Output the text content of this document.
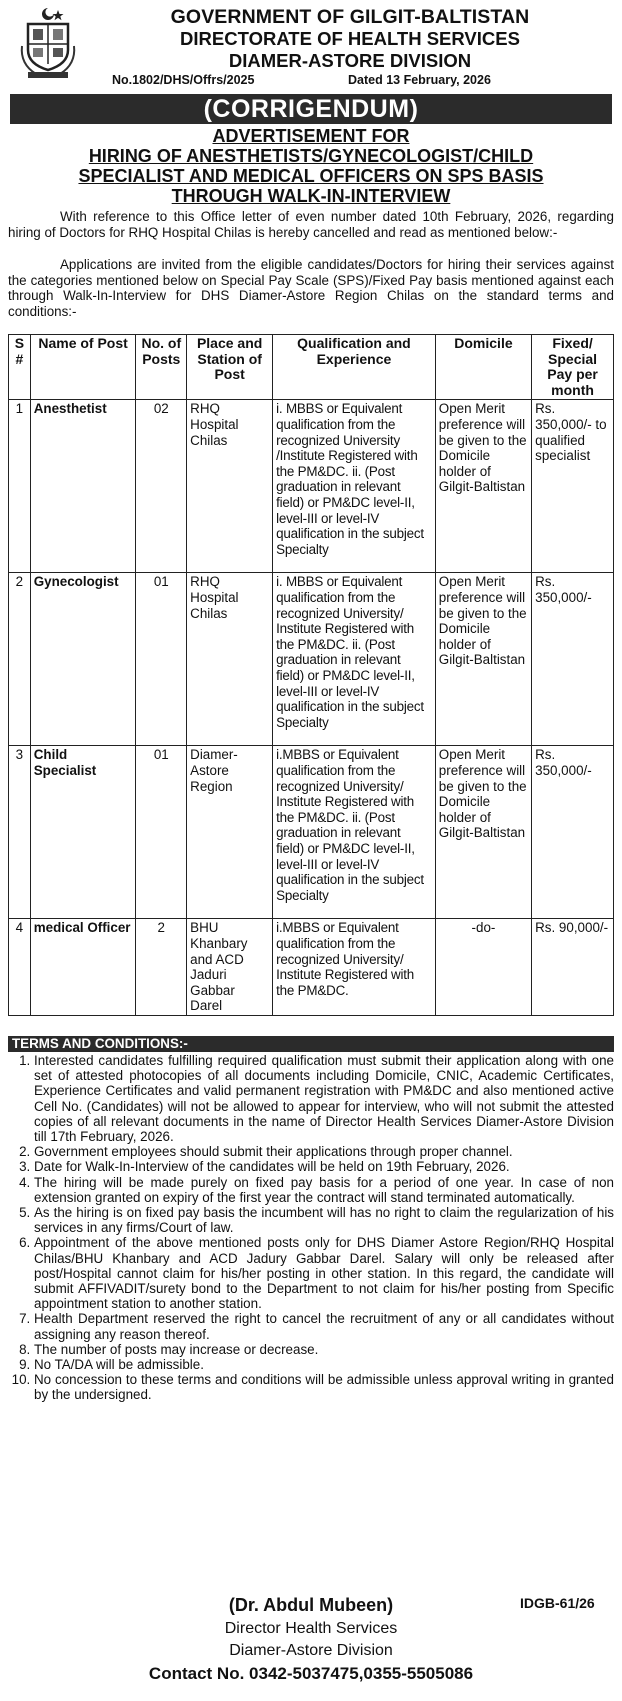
GOVERNMENT OF GILGIT-BALTISTAN
DIRECTORATE OF HEALTH SERVICES
DIAMER-ASTORE DIVISION
No.1802/DHS/Offrs/2025	Dated 13 February, 2026
(CORRIGENDUM)
ADVERTISEMENT FOR
HIRING OF ANESTHETISTS/GYNECOLOGIST/CHILD
SPECIALIST AND MEDICAL OFFICERS ON SPS BASIS
THROUGH WALK-IN-INTERVIEW
With reference to this Office letter of even number dated 10th February, 2026, regarding hiring of Doctors for RHQ Hospital Chilas is hereby cancelled and read as mentioned below:-
Applications are invited from the eligible candidates/Doctors for hiring their services against the categories mentioned below on Special Pay Scale (SPS)/Fixed Pay basis mentioned against each through Walk-In-Interview for DHS Diamer-Astore Region Chilas on the standard terms and conditions:-
S #	Name of Post	No. of Posts	Place and Station of Post	Qualification and Experience	Domicile	Fixed/ Special Pay per month
1	Anesthetist	02	RHQ Hospital Chilas	i. MBBS or Equivalent qualification from the recognized University /Institute Registered with the PM&DC. ii. (Post graduation in relevant field) or PM&DC level-II, level-III or level-IV qualification in the subject Specialty	Open Merit preference will be given to the Domicile holder of Gilgit-Baltistan	Rs. 350,000/- to qualified specialist
2	Gynecologist	01	RHQ Hospital Chilas	i. MBBS or Equivalent qualification from the recognized University/ Institute Registered with the PM&DC. ii. (Post graduation in relevant field) or PM&DC level-II, level-III or level-IV qualification in the subject Specialty	Open Merit preference will be given to the Domicile holder of Gilgit-Baltistan	Rs. 350,000/-
3	Child Specialist	01	Diamer-Astore Region	i.MBBS or Equivalent qualification from the recognized University/ Institute Registered with the PM&DC. ii. (Post graduation in relevant field) or PM&DC level-II, level-III or level-IV qualification in the subject Specialty	Open Merit preference will be given to the Domicile holder of Gilgit-Baltistan	Rs. 350,000/-
4	medical Officer	2	BHU Khanbary and ACD Jaduri Gabbar Darel	i.MBBS or Equivalent qualification from the recognized University/ Institute Registered with the PM&DC.	-do-	Rs. 90,000/-
TERMS AND CONDITIONS:-
1. Interested candidates fulfilling required qualification must submit their application along with one set of attested photocopies of all documents including Domicile, CNIC, Academic Certificates, Experience Certificates and valid permanent registration with PM&DC and also mentioned active Cell No. (Candidates) will not be allowed to appear for interview, who will not submit the attested copies of all relevant documents in the name of Director Health Services Diamer-Astore Division till 17th February, 2026.
2. Government employees should submit their applications through proper channel.
3. Date for Walk-In-Interview of the candidates will be held on 19th February, 2026.
4. The hiring will be made purely on fixed pay basis for a period of one year. In case of non extension granted on expiry of the first year the contract will stand terminated automatically.
5. As the hiring is on fixed pay basis the incumbent will has no right to claim the regularization of his services in any firms/Court of law.
6. Appointment of the above mentioned posts only for DHS Diamer Astore Region/RHQ Hospital Chilas/BHU Khanbary and ACD Jadury Gabbar Darel. Salary will only be released after post/Hospital cannot claim for his/her posting in other station. In this regard, the candidate will submit AFFIVADIT/surety bond to the Department to not claim for his/her posting from Specific appointment station to another station.
7. Health Department reserved the right to cancel the recruitment of any or all candidates without assigning any reason thereof.
8. The number of posts may increase or decrease.
9. No TA/DA will be admissible.
10. No concession to these terms and conditions will be admissible unless approval writing in granted by the undersigned.
IDGB-61/26
(Dr. Abdul Mubeen)
Director Health Services
Diamer-Astore Division
Contact No. 0342-5037475,0355-5505086
